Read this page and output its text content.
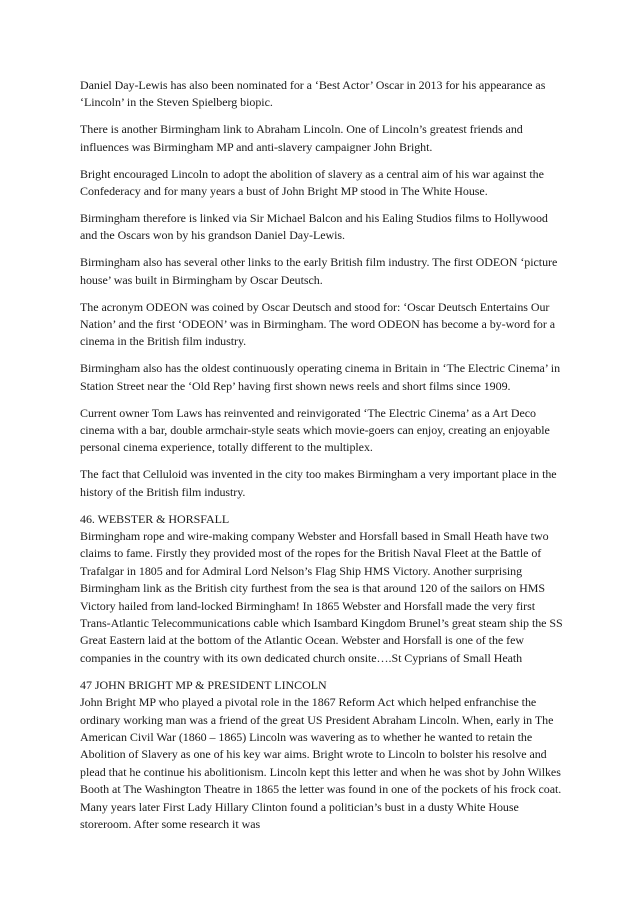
Daniel Day-Lewis has also been nominated for a ‘Best Actor’ Oscar in 2013 for his appearance as ‘Lincoln’ in the Steven Spielberg biopic.

There is another Birmingham link to Abraham Lincoln. One of Lincoln’s greatest friends and influences was Birmingham MP and anti-slavery campaigner John Bright.

Bright encouraged Lincoln to adopt the abolition of slavery as a central aim of his war against the Confederacy and for many years a bust of John Bright MP stood in The White House.

Birmingham therefore is linked via Sir Michael Balcon and his Ealing Studios films to Hollywood and the Oscars won by his grandson Daniel Day-Lewis.

Birmingham also has several other links to the early British film industry. The first ODEON ‘picture house’ was built in Birmingham by Oscar Deutsch.

The acronym ODEON was coined by Oscar Deutsch and stood for: ‘Oscar Deutsch Entertains Our Nation’ and the first ‘ODEON’ was in Birmingham. The word ODEON has become a by-word for a cinema in the British film industry.

Birmingham also has the oldest continuously operating cinema in Britain in ‘The Electric Cinema’ in Station Street near the ‘Old Rep’ having first shown news reels and short films since 1909.

Current owner Tom Laws has reinvented and reinvigorated ‘The Electric Cinema’ as a Art Deco cinema with a bar, double armchair-style seats which movie-goers can enjoy, creating an enjoyable personal cinema experience, totally different to the multiplex.

The fact that Celluloid was invented in the city too makes Birmingham a very important place in the history of the British film industry.

46. WEBSTER & HORSFALL
Birmingham rope and wire-making company Webster and Horsfall based in Small Heath have two claims to fame. Firstly they provided most of the ropes for the British Naval Fleet at the Battle of Trafalgar in 1805 and for Admiral Lord Nelson’s Flag Ship HMS Victory. Another surprising Birmingham link as the British city furthest from the sea is that around 120 of the sailors on HMS Victory hailed from land-locked Birmingham! In 1865 Webster and Horsfall made the very first Trans-Atlantic Telecommunications cable which Isambard Kingdom Brunel’s great steam ship the SS Great Eastern laid at the bottom of the Atlantic Ocean. Webster and Horsfall is one of the few companies in the country with its own dedicated church onsite….St Cyprians of Small Heath
47 JOHN BRIGHT MP & PRESIDENT LINCOLN
John Bright MP who played a pivotal role in the 1867 Reform Act which helped enfranchise the ordinary working man was a friend of the great US President Abraham Lincoln. When, early in The American Civil War (1860 – 1865) Lincoln was wavering as to whether he wanted to retain the Abolition of Slavery as one of his key war aims. Bright wrote to Lincoln to bolster his resolve and plead that he continue his abolitionism. Lincoln kept this letter and when he was shot by John Wilkes Booth at The Washington Theatre in 1865 the letter was found in one of the pockets of his frock coat. Many years later First Lady Hillary Clinton found a politician’s bust in a dusty White House storeroom. After some research it was
